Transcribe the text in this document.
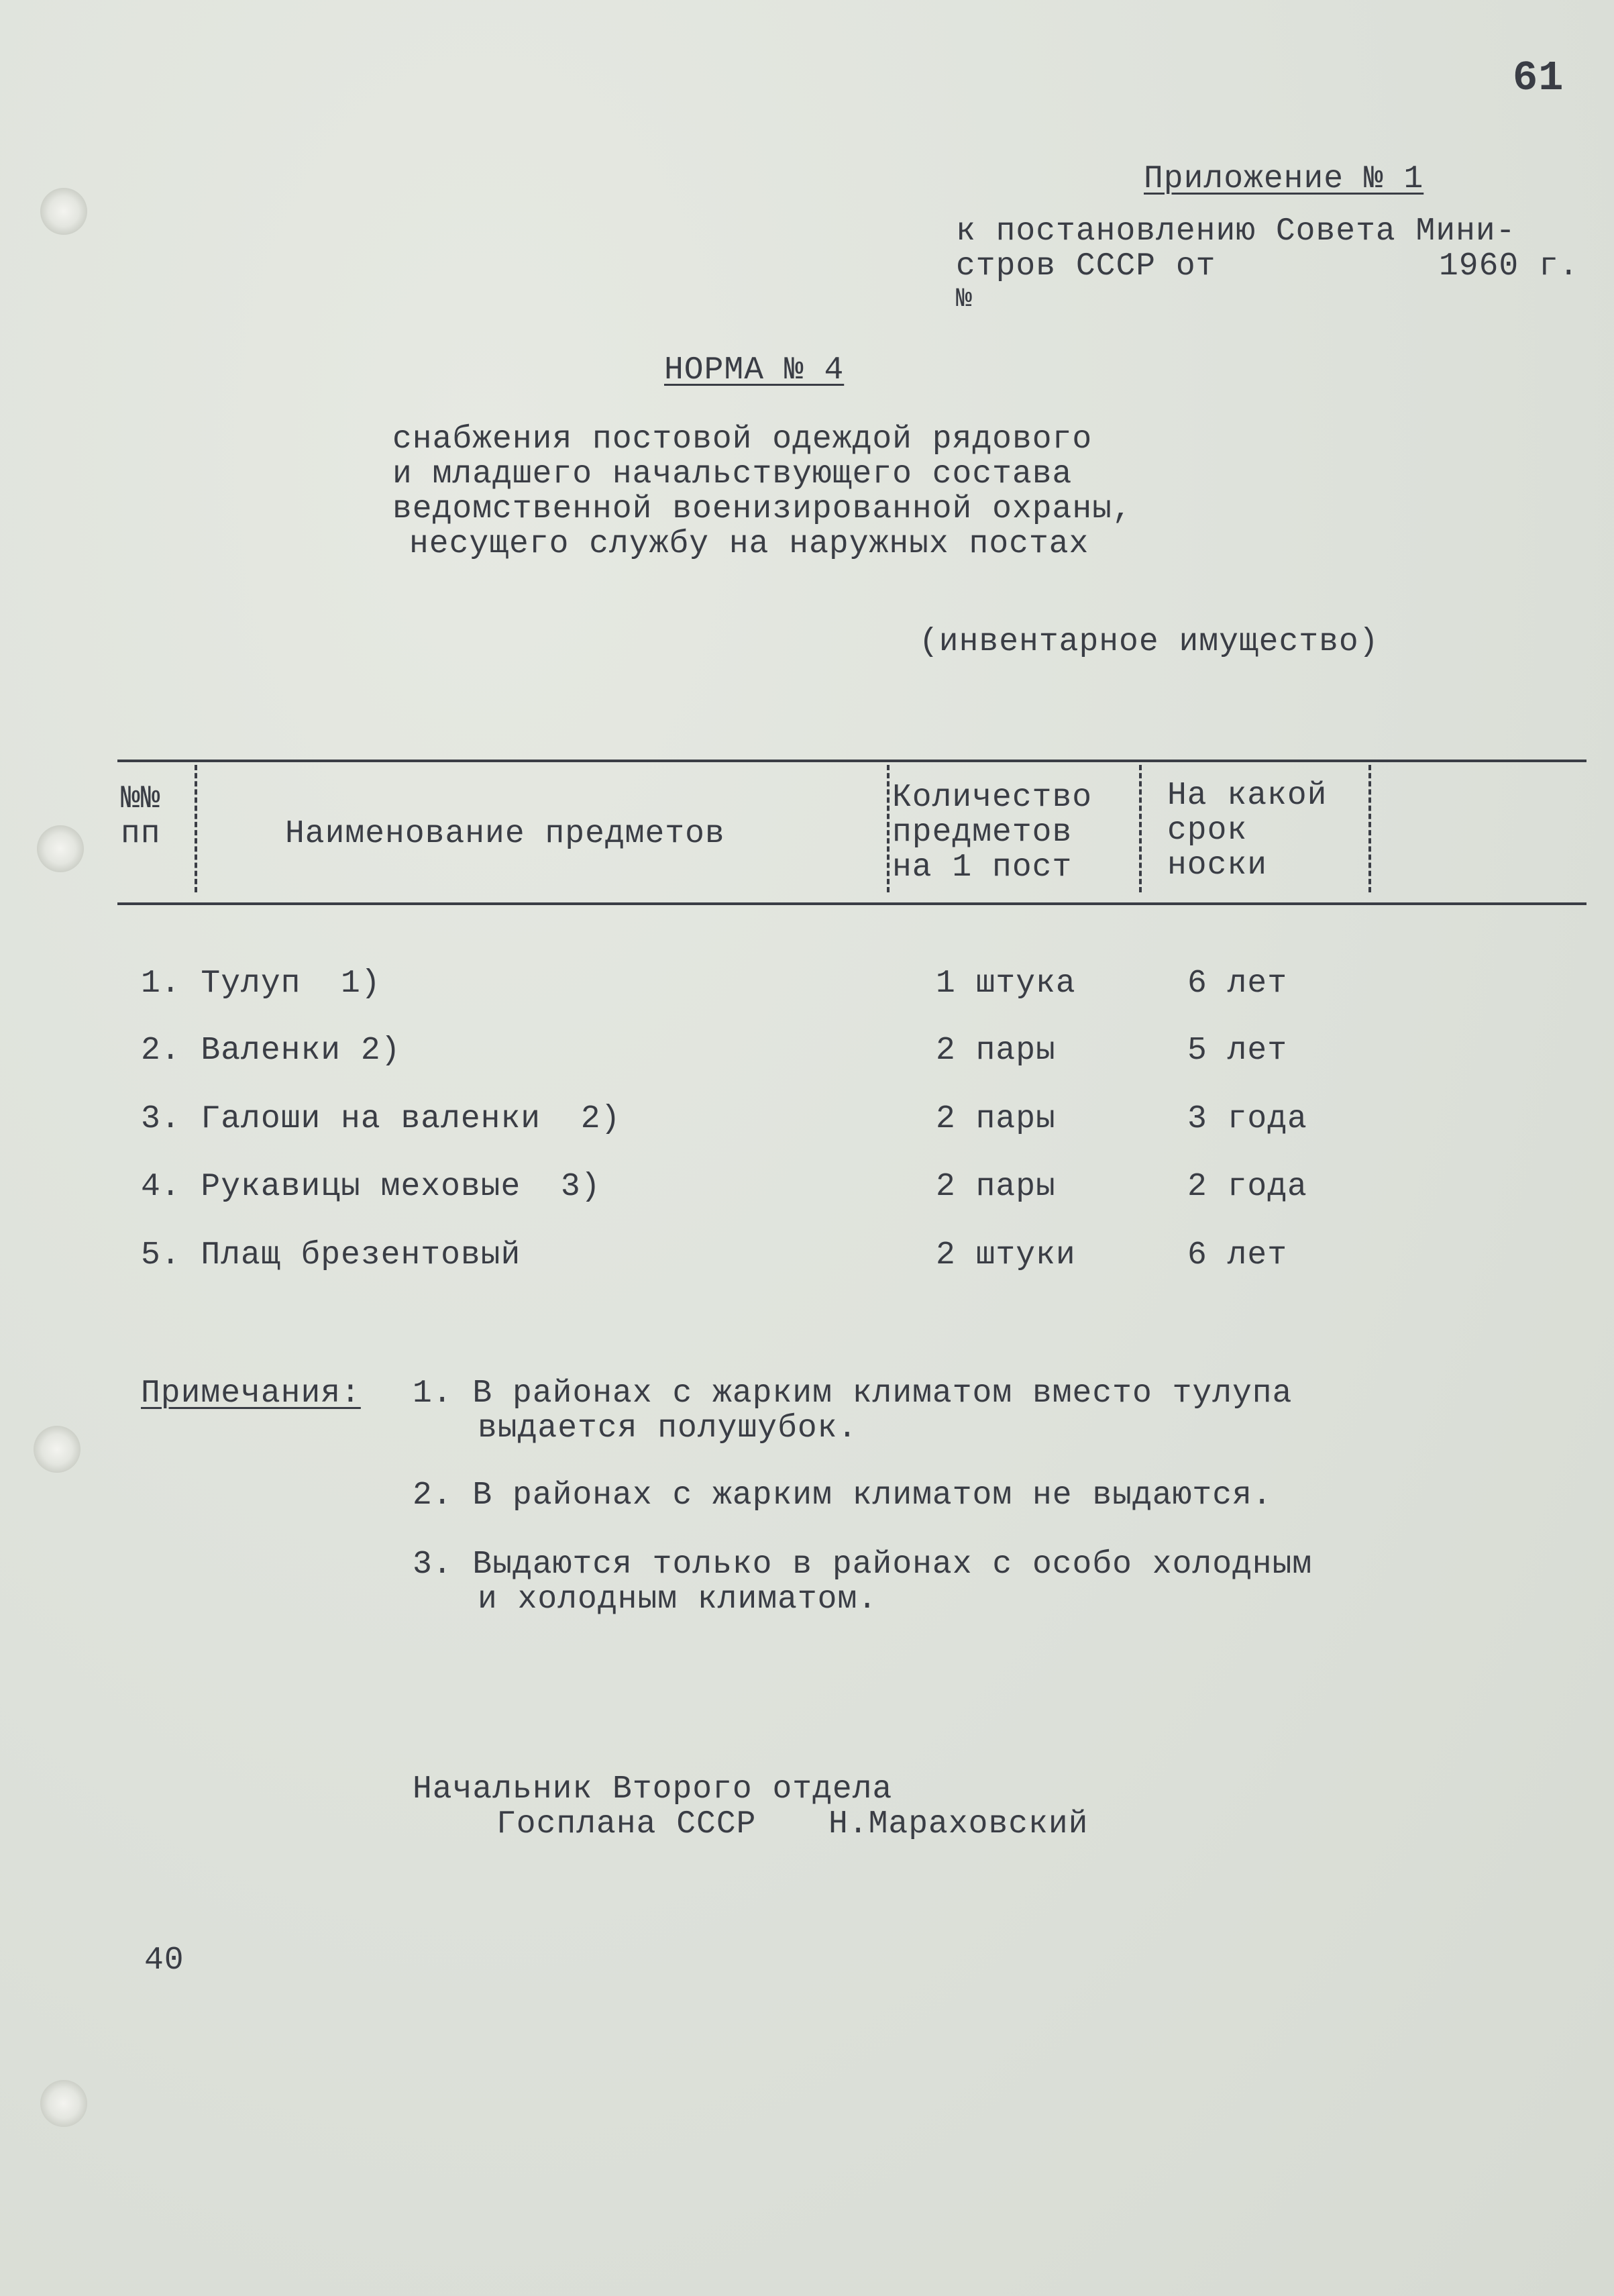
61
Приложение № 1
к постановлению Совета Мини-
стров СССР от	1960 г.
№
НОРМА № 4
снабжения постовой одеждой рядового
и младшего начальствующего состава
ведомственной военизированной охраны,
несущего службу на наружных постах
(инвентарное имущество)
№№
пп	Наименование предметов
Количество
предметов
на 1 пост
На какой
срок
носки
1. Тулуп  1)	1 штука	6 лет
2. Валенки 2)	2 пары	5 лет
3. Галоши на валенки  2)	2 пары	3 года
4. Рукавицы меховые  3)	2 пары	2 года
5. Плащ брезентовый	2 штуки	6 лет
Примечания: 1. В районах с жарким климатом вместо тулупа
выдается полушубок.
2. В районах с жарким климатом не выдаются.
3. Выдаются только в районах с особо холодным
и холодным климатом.
Начальник Второго отдела
Госплана СССР Н.Мараховский
40
